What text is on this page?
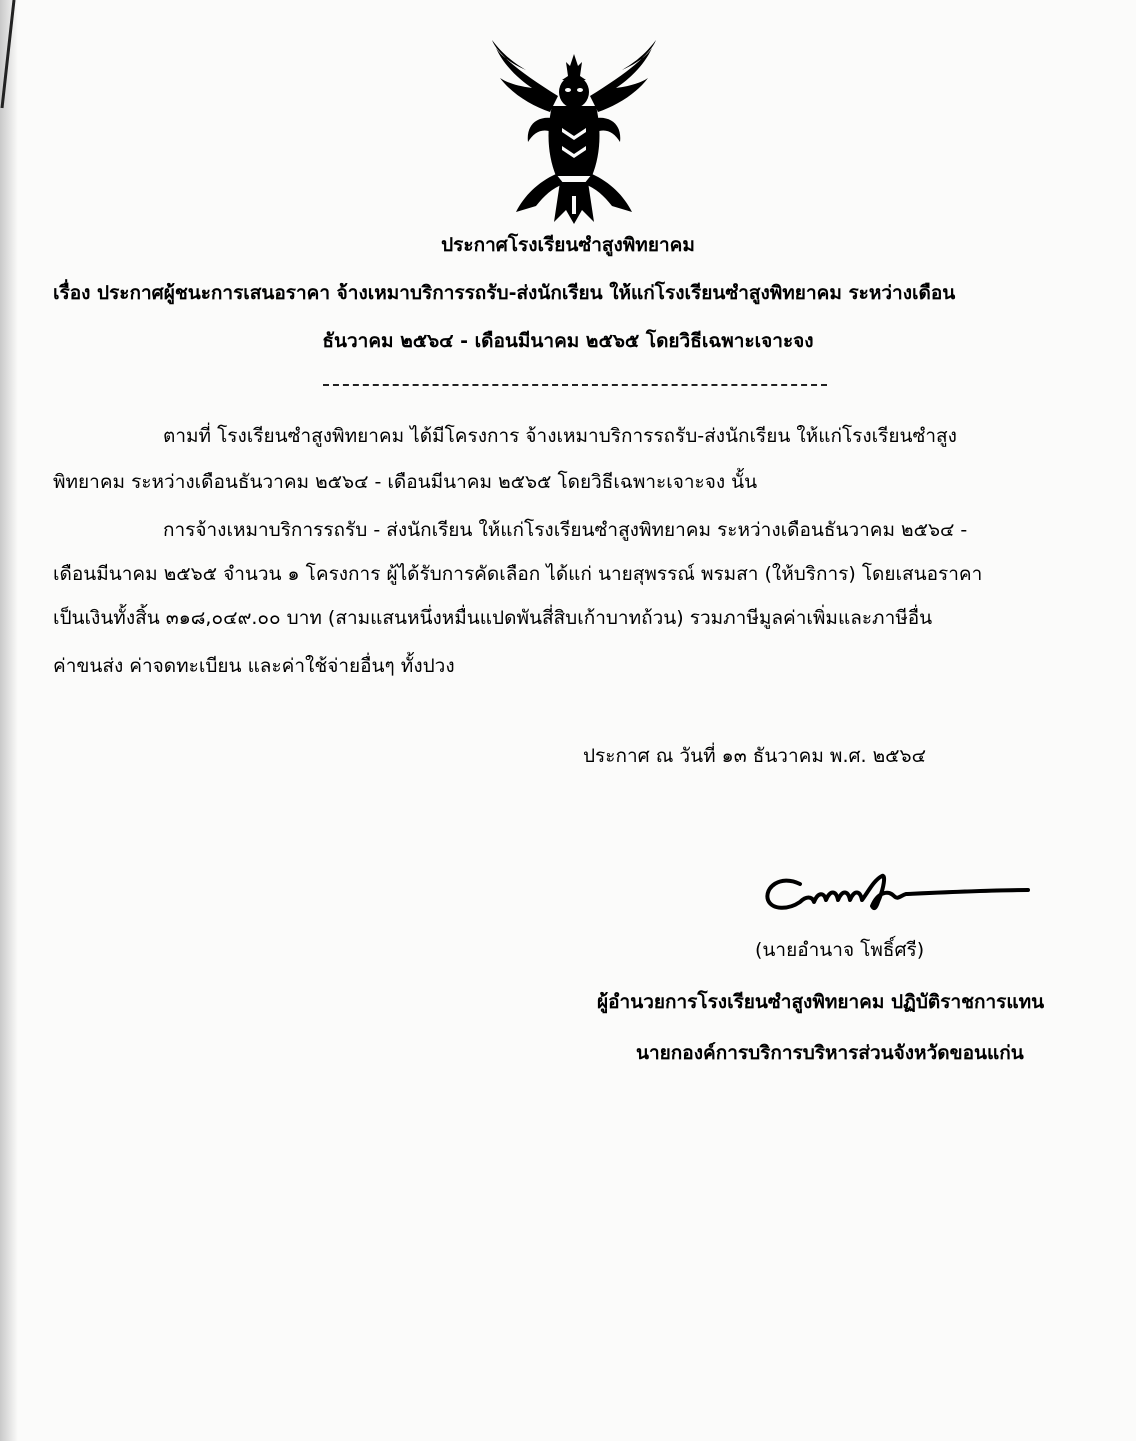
ประกาศโรงเรียนซำสูงพิทยาคม
เรื่อง ประกาศผู้ชนะการเสนอราคา จ้างเหมาบริการรถรับ-ส่งนักเรียน ให้แก่โรงเรียนซำสูงพิทยาคม ระหว่างเดือน
ธันวาคม ๒๕๖๔ - เดือนมีนาคม ๒๕๖๕ โดยวิธีเฉพาะเจาะจง
ตามที่ โรงเรียนซำสูงพิทยาคม ได้มีโครงการ จ้างเหมาบริการรถรับ-ส่งนักเรียน ให้แก่โรงเรียนซำสูง
พิทยาคม ระหว่างเดือนธันวาคม ๒๕๖๔ - เดือนมีนาคม ๒๕๖๕ โดยวิธีเฉพาะเจาะจง นั้น
การจ้างเหมาบริการรถรับ - ส่งนักเรียน ให้แก่โรงเรียนซำสูงพิทยาคม ระหว่างเดือนธันวาคม ๒๕๖๔ -
เดือนมีนาคม ๒๕๖๕ จำนวน ๑ โครงการ ผู้ได้รับการคัดเลือก ได้แก่ นายสุพรรณ์ พรมสา (ให้บริการ) โดยเสนอราคา
เป็นเงินทั้งสิ้น ๓๑๘,๐๔๙.๐๐ บาท (สามแสนหนึ่งหมื่นแปดพันสี่สิบเก้าบาทถ้วน) รวมภาษีมูลค่าเพิ่มและภาษีอื่น
ค่าขนส่ง ค่าจดทะเบียน และค่าใช้จ่ายอื่นๆ ทั้งปวง
ประกาศ ณ วันที่ ๑๓ ธันวาคม พ.ศ. ๒๕๖๔
(นายอำนาจ โพธิ์ศรี)
ผู้อำนวยการโรงเรียนซำสูงพิทยาคม ปฏิบัติราชการแทน
นายกองค์การบริการบริหารส่วนจังหวัดขอนแก่น
